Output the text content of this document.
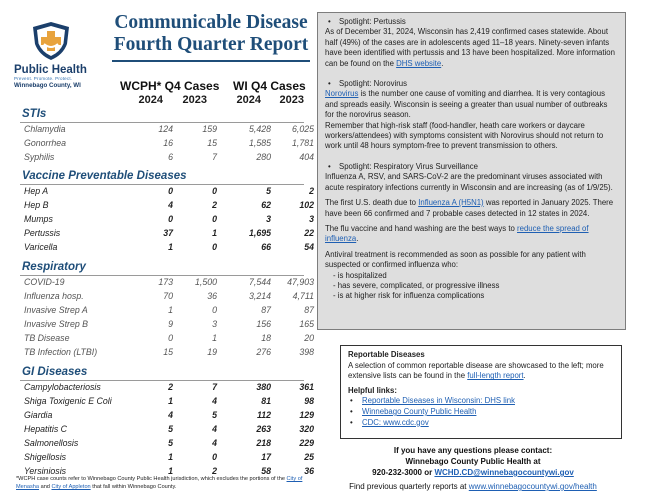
Public Health
Prevent. Promote. Protect.
Winnebago County, WI
Communicable Disease
Fourth Quarter Report
WCPH* Q4 Cases WI Q4 Cases
2024	2023	2024	2023
STIs
Chlamydia	124	159	5,428	6,025
Gonorrhea	16	15	1,585	1,781
Syphilis	6	7	280	404
Vaccine Preventable Diseases
Hep A	0	0	5	2
Hep B	4	2	62	102
Mumps	0	0	3	3
Pertussis	37	1	1,695	22
Varicella	1	0	66	54
Respiratory
COVID-19	173	1,500	7,544	47,903
Influenza hosp.	70	36	3,214	4,711
Invasive Strep A	1	0	87	87
Invasive Strep B	9	3	156	165
TB Disease	0	1	18	20
TB Infection (LTBI)	15	19	276	398
GI Diseases
Campylobacteriosis	2	7	380	361
Shiga Toxigenic E Coli	1	4	81	98
Giardia	4	5	112	129
Hepatitis C	5	4	263	320
Salmonellosis	5	4	218	229
Shigellosis	1	0	17	25
Yersiniosis	1	2	58	36
*WCPH case counts refer to Winnebago County Public Health jurisdiction, which excludes the portions of the City of Menasha and City of Appleton that fall within Winnebago County.

• Spotlight: Pertussis

As of December 31, 2024, Wisconsin has 2,419 confirmed cases statewide. About half (49%) of the cases are in adolescents aged 11–18 years. Ninety-seven infants have been identified with pertussis and 13 have been hospitalized. More information can be found on the DHS website.

• Spotlight: Norovirus

Norovirus is the number one cause of vomiting and diarrhea. It is very contagious and spreads easily. Wisconsin is seeing a greater than usual number of outbreaks for the norovirus season.

Remember that high-risk staff (food-handler, heath care workers or daycare workers/attendees) with symptoms consistent with Norovirus should not return to work until 48 hours symptom-free to prevent transmission to others.

• Spotlight: Respiratory Virus Surveillance

Influenza A, RSV, and SARS-CoV-2 are the predominant viruses associated with acute respiratory infections currently in Wisconsin and are increasing (as of 1/9/25).

The first U.S. death due to Influenza A (H5N1) was reported in January 2025. There have been 66 confirmed and 7 probable cases detected in 12 states in 2024.

The flu vaccine and hand washing are the best ways to reduce the spread of influenza.

Antiviral treatment is recommended as soon as possible for any patient with suspected or confirmed influenza who:

- is hospitalized

- has severe, complicated, or progressive illness

- is at higher risk for influenza complications

Reportable Diseases
A selection of common reportable disease are showcased to the left; more extensive lists can be found in the full-length report.
Helpful links:
• Reportable Diseases in Wisconsin: DHS link
• Winnebago County Public Health
• CDC: www.cdc.gov
If you have any questions please contact:
Winnebago County Public Health at
920-232-3000 or WCHD.CD@winnebagocountywi.gov
Find previous quarterly reports at www.winnebagocountywi.gov/health
